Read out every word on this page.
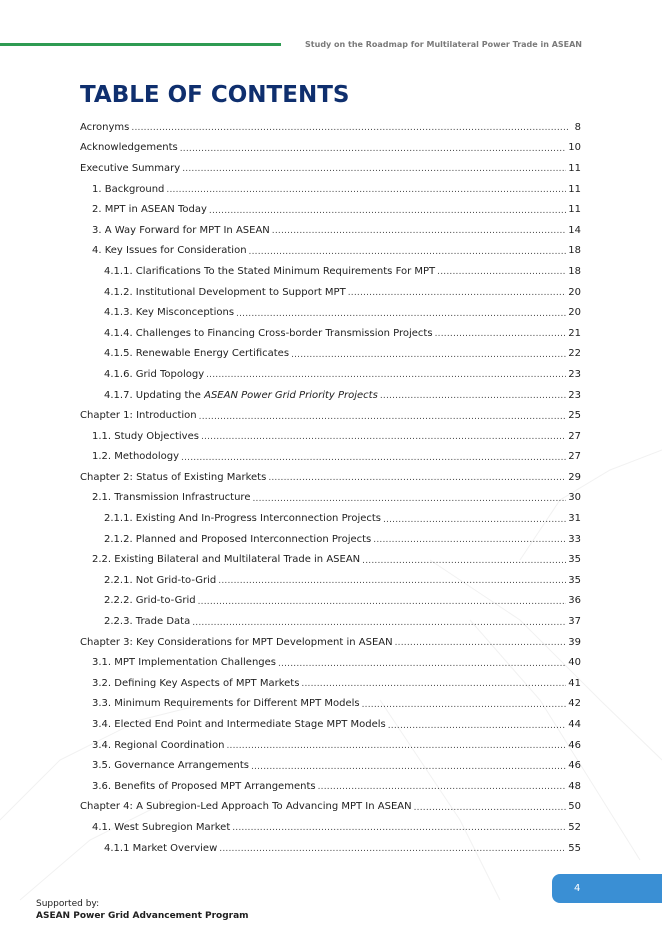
Study on the Roadmap for Multilateral Power Trade in ASEAN
TABLE OF CONTENTS
Acronyms .....	8
Acknowledgements .....	10
Executive Summary .....	11
1. Background .....	11
2. MPT in ASEAN Today .....	11
3. A Way Forward for MPT In ASEAN .....	14
4. Key Issues for Consideration .....	18
4.1.1. Clarifications To the Stated Minimum Requirements For MPT .....	18
4.1.2. Institutional Development to Support MPT .....	20
4.1.3. Key Misconceptions .....	20
4.1.4. Challenges to Financing Cross-border Transmission Projects .....	21
4.1.5. Renewable Energy Certificates .....	22
4.1.6. Grid Topology .....	23
4.1.7. Updating the ASEAN Power Grid Priority Projects .....	23
Chapter 1: Introduction .....	25
1.1. Study Objectives .....	27
1.2. Methodology .....	27
Chapter 2: Status of Existing Markets .....	29
2.1. Transmission Infrastructure .....	30
2.1.1. Existing And In-Progress Interconnection Projects .....	31
2.1.2. Planned and Proposed Interconnection Projects .....	33
2.2. Existing Bilateral and Multilateral Trade in ASEAN .....	35
2.2.1. Not Grid-to-Grid .....	35
2.2.2. Grid-to-Grid .....	36
2.2.3. Trade Data .....	37
Chapter 3: Key Considerations for MPT Development in ASEAN .....	39
3.1. MPT Implementation Challenges .....	40
3.2. Defining Key Aspects of MPT Markets .....	41
3.3. Minimum Requirements for Different MPT Models .....	42
3.4. Elected End Point and Intermediate Stage MPT Models .....	44
3.4. Regional Coordination .....	46
3.5. Governance Arrangements .....	46
3.6. Benefits of Proposed MPT Arrangements .....	48
Chapter 4: A Subregion-Led Approach To Advancing MPT In ASEAN .....	50
4.1. West Subregion Market .....	52
4.1.1 Market Overview .....	55
4
Supported by:
ASEAN Power Grid Advancement Program
